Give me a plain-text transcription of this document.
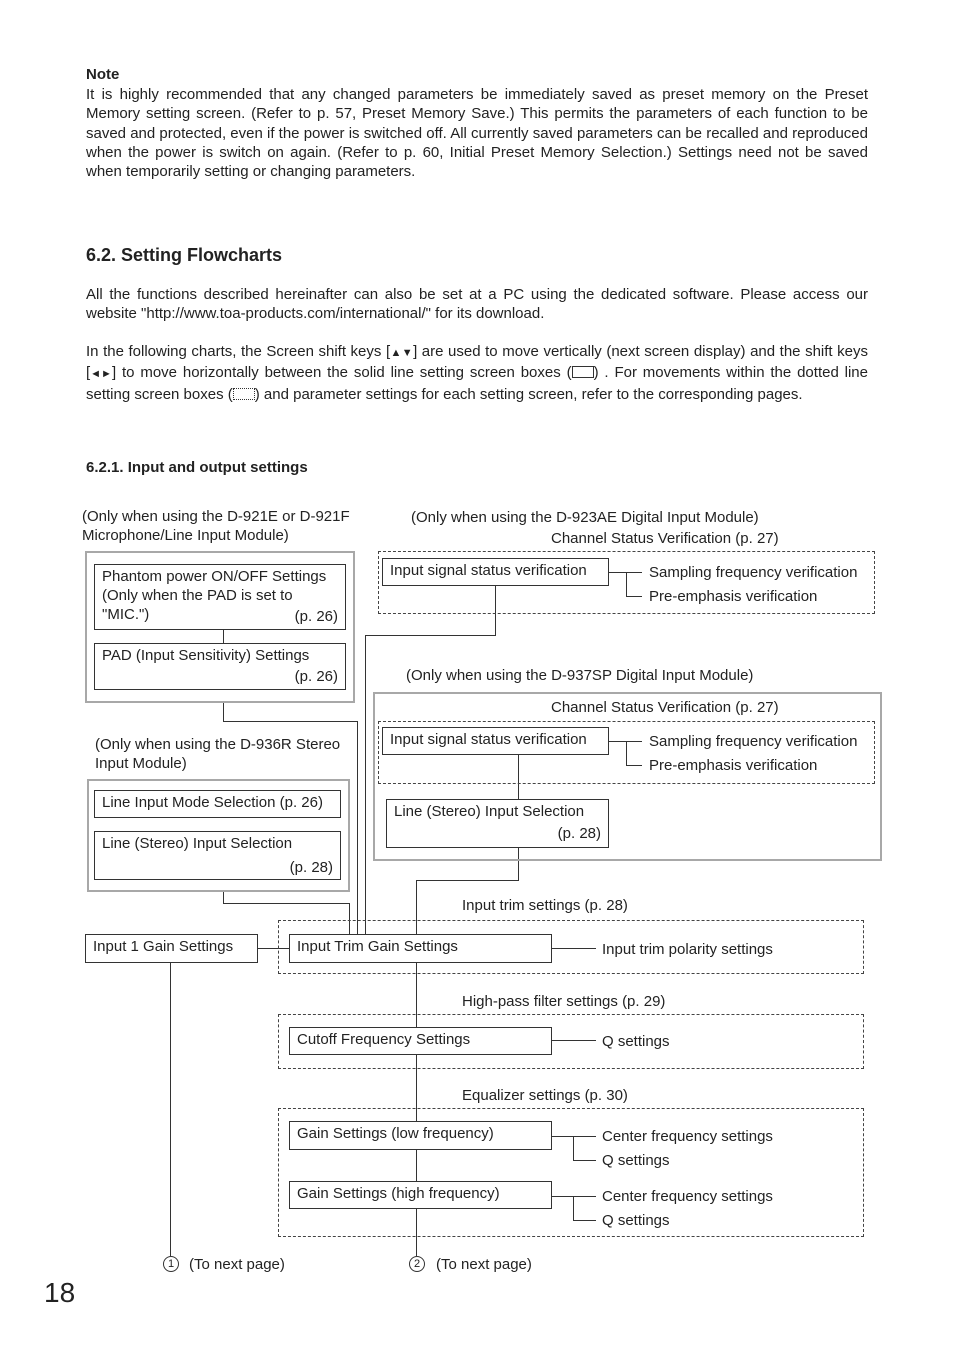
Note
It is highly recommended that any changed parameters be immediately saved as preset memory on the Preset Memory setting screen. (Refer to p. 57, Preset Memory Save.) This permits the parameters of each function to be saved and protected, even if the power is switched off. All currently saved parameters can be recalled and reproduced when the power is switch on again. (Refer to p. 60, Initial Preset Memory Selection.) Settings need not be saved when temporarily setting or changing parameters.
6.2. Setting Flowcharts
All the functions described hereinafter can also be set at a PC using the dedicated software. Please access our website "http://www.toa-products.com/international/" for its download.
In the following charts, the Screen shift keys [▲▼] are used to move vertically (next screen display) and the shift keys [◄►] to move horizontally between the solid line setting screen boxes ( ) . For movements within the dotted line setting screen boxes ( ) and parameter settings for each setting screen, refer to the corresponding pages.
6.2.1. Input and output settings
(Only when using the D-921E or D-921F
Microphone/Line Input Module)
Phantom power ON/OFF Settings
(Only when the PAD is set to
"MIC.")	(p. 26)
PAD (Input Sensitivity) Settings
(p. 26)
(Only when using the D-923AE Digital Input Module)
Channel Status Verification (p. 27)
Input signal status verification	Sampling frequency verification
Pre-emphasis verification
(Only when using the D-937SP Digital Input Module)
Channel Status Verification (p. 27)
Input signal status verification	Sampling frequency verification
Pre-emphasis verification
Line (Stereo) Input Selection
(p. 28)
(Only when using the D-936R Stereo
Input Module)
Line Input Mode Selection (p. 26)
Line (Stereo) Input Selection
(p. 28)
Input trim settings (p. 28)
Input 1 Gain Settings	Input Trim Gain Settings	Input trim polarity settings
High-pass filter settings (p. 29)
Cutoff Frequency Settings	Q settings
Equalizer settings (p. 30)
Gain Settings (low frequency)	Center frequency settings
Q settings
Gain Settings (high frequency)	Center frequency settings
Q settings
1 (To next page)	2	(To next page)
18
